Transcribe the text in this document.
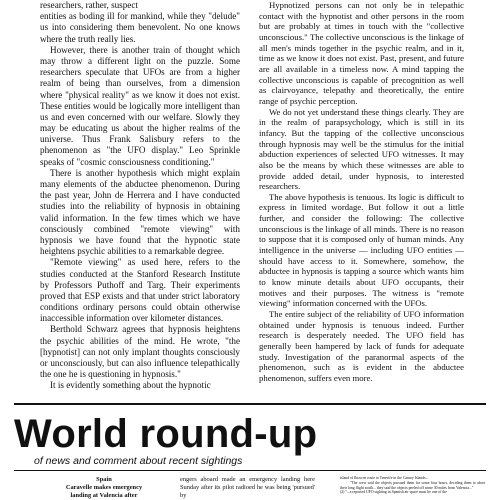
researchers, rather, suspect

entities as boding ill for mankind, while they "delude" us into considering them benevolent. No one knows where the truth really lies.

However, there is another train of thought which may throw a different light on the puzzle. Some researchers speculate that UFOs are from a higher realm of being than ourselves, from a dimension where "physical reality" as we know it does not exist. These entities would be logically more intelligent than us and even concerned with our welfare. Slowly they may be educating us about the higher realms of the universe. Thus Frank Salisbury refers to the phenomenon as "the UFO display." Leo Sprinkle speaks of "cosmic consciousness conditioning."

There is another hypothesis which might explain many elements of the abductee phenomenon. During the past year, John de Herrera and I have conducted studies into the reliability of hypnosis in obtaining valid information. In the few times which we have consciously combined "remote viewing" with hypnosis we have found that the hypnotic state heightens psychic abilities to a remarkable degree.

"Remote viewing" as used here, refers to the studies conducted at the Stanford Research Institute by Professors Puthoff and Targ. Their experiments proved that ESP exists and that under strict laboratory conditions ordinary persons could obtain otherwise inaccessible information over kilometer distances.

Berthold Schwarz agrees that hypnosis heightens the psychic abilities of the mind. He wrote, "the [hypnotist] can not only implant thoughts consciously or unconsciously, but can also influence telepathically the one he is questioning in hypnosis."

It is evidently something about the hypnotic

Hypnotized persons can not only be in telepathic contact with the hypnotist and other persons in the room but are probably at times in touch with the "collective unconscious." The collective unconscious is the linkage of all men's minds together in the psychic realm, and in it, time as we know it does not exist. Past, present, and future are all available in a timeless now. A mind tapping the collective unconscious is capable of precognition as well as clairvoyance, telepathy and theoretically, the entire range of psychic perception.

We do not yet understand these things clearly. They are in the realm of parapsychology, which is still in its infancy. But the tapping of the collective unconscious through hypnosis may well be the stimulus for the initial abduction experiences of selected UFO witnesses. It may also be the means by which these witnesses are able to provide added detail, under hypnosis, to interested researchers.

The above hypothesis is tenuous. Its logic is difficult to express in limited wordage. But follow it out a little further, and consider the following: The collective unconscious is the linkage of all minds. There is no reason to suppose that it is composed only of human minds. Any intelligence in the universe — including UFO entities — should have access to it. Somewhere, somehow, the abductee in hypnosis is tapping a source which wants him to know minute details about UFO occupants, their motives and their purposes. The witness is "remote viewing" information concerned with the UFOs.

The entire subject of the reliability of UFO information obtained under hypnosis is tenuous indeed. Further research is desperately needed. The UFO field has generally been hampered by lack of funds for adequate study. Investigation of the paranormal aspects of the phenomenon, such as is evident in the abductee phenomenon, suffers even more.

World round-up
of news and comment about recent sightings
Spain
Caravelle makes emergency
landing at Valencia after
engers aboard made an emergency landing here Sunday after its pilot radioed he was being 'pursued' by
island of Ibiza en route to Tenerife in the Canary Islands...
"The crew said the objects pursued them for some four hours, deciding them to abort their long flight south... they said the objects peeled off some 30 miles from Valencia..."
(2) "...a reported UFO sighting in Spanish air space must be one of the
